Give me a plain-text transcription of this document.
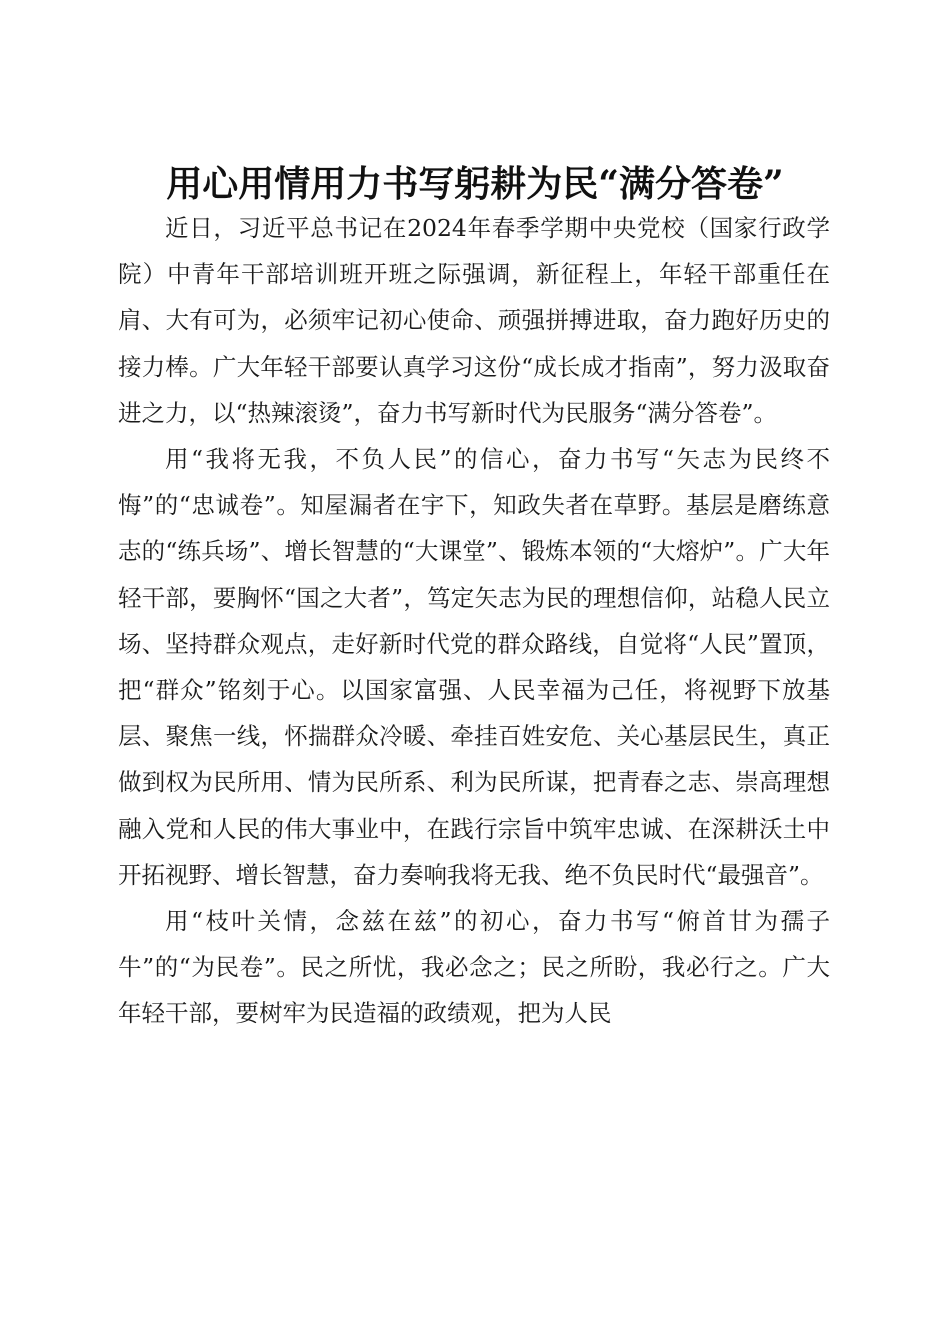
用心用情用力书写躬耕为民“满分答卷”

近日，习近平总书记在2024年春季学期中央党校（国家行政学院）中青年干部培训班开班之际强调，新征程上，年轻干部重任在肩、大有可为，必须牢记初心使命、顽强拼搏进取，奋力跑好历史的接力棒。广大年轻干部要认真学习这份“成长成才指南”，努力汲取奋进之力，以“热辣滚烫”，奋力书写新时代为民服务“满分答卷”。

用“我将无我，不负人民”的信心，奋力书写“矢志为民终不悔”的“忠诚卷”。知屋漏者在宇下，知政失者在草野。基层是磨练意志的“练兵场”、增长智慧的“大课堂”、锻炼本领的“大熔炉”。广大年轻干部，要胸怀“国之大者”，笃定矢志为民的理想信仰，站稳人民立场、坚持群众观点，走好新时代党的群众路线，自觉将“人民”置顶，把“群众”铭刻于心。以国家富强、人民幸福为己任，将视野下放基层、聚焦一线，怀揣群众冷暖、牵挂百姓安危、关心基层民生，真正做到权为民所用、情为民所系、利为民所谋，把青春之志、崇高理想融入党和人民的伟大事业中，在践行宗旨中筑牢忠诚、在深耕沃土中开拓视野、增长智慧，奋力奏响我将无我、绝不负民时代“最强音”。

用“枝叶关情，念兹在兹”的初心，奋力书写“俯首甘为孺子牛”的“为民卷”。民之所忧，我必念之；民之所盼，我必行之。广大年轻干部，要树牢为民造福的政绩观，把为人民
